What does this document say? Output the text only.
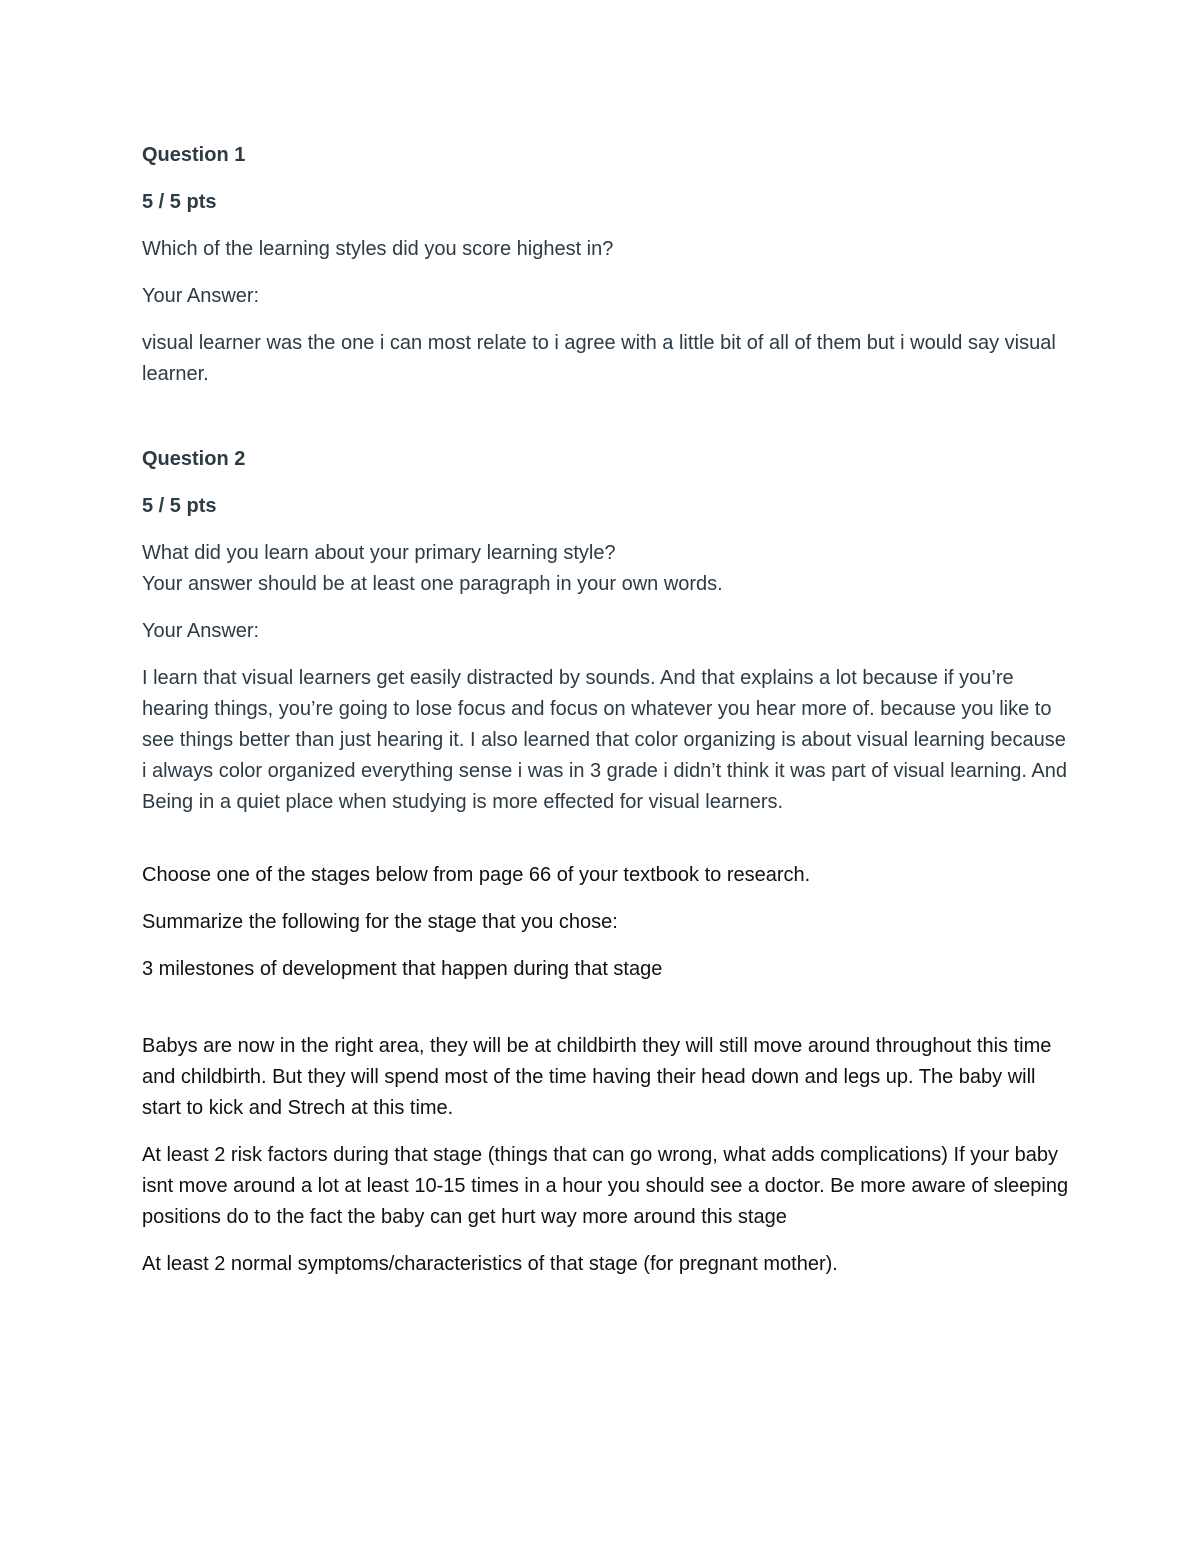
Question 1

5 / 5 pts

Which of the learning styles did you score highest in?

Your Answer:

visual learner was the one i can most relate to i agree with a little bit of all of them but i would say visual learner.

Question 2

5 / 5 pts

What did you learn about your primary learning style?

Your answer should be at least one paragraph in your own words.

Your Answer:

I learn that visual learners get easily distracted by sounds. And that explains a lot because if you’re hearing things, you’re going to lose focus and focus on whatever you hear more of. because you like to see things better than just hearing it. I also learned that color organizing is about visual learning because i always color organized everything sense i was in 3 grade i didn’t think it was part of visual learning. And Being in a quiet place when studying is more effected for visual learners.

Choose one of the stages below from page 66 of your textbook to research.

Summarize the following for the stage that you chose:

3 milestones of development that happen during that stage

Babys are now in the right area, they will be at childbirth they will still move around throughout this time and childbirth. But they will spend most of the time having their head down and legs up. The baby will start to kick and Strech at this time.

At least 2 risk factors during that stage (things that can go wrong, what adds complications) If your baby isnt move around a lot at least 10-15 times in a hour you should see a doctor. Be more aware of sleeping positions do to the fact the baby can get hurt way more around this stage

At least 2 normal symptoms/characteristics of that stage (for pregnant mother).
